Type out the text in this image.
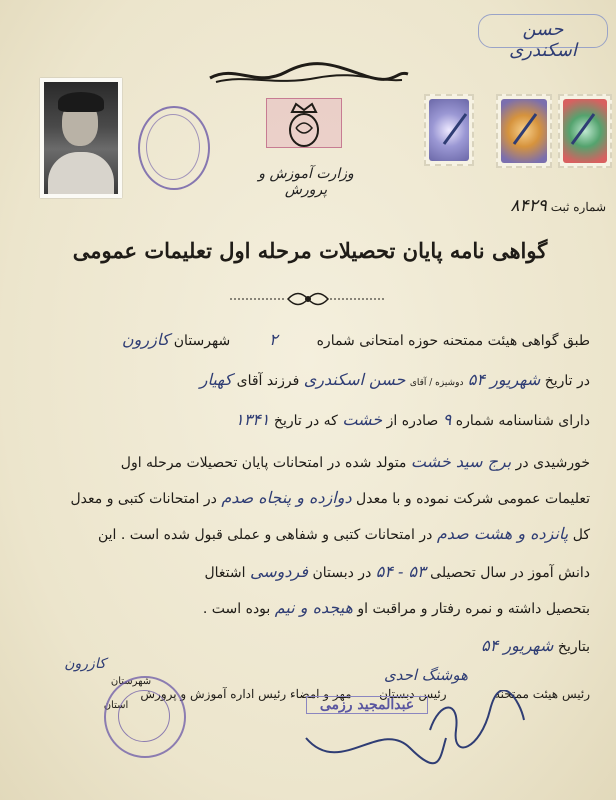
حسن اسکندری
وزارت آموزش و پرورش
شماره ثبت ۸۴۲۹
گواهی نامه پایان تحصیلات مرحله اول تعلیمات عمومی
طبق گواهی هیئت ممتحنه حوزه امتحانی شماره  ۲  شهرستان کازرون
در تاریخ شهریور ۵۴ دوشیزه / آقای حسن اسکندری فرزند آقای کهیار
دارای شناسنامه شماره ۹ صادره از خشت که در تاریخ ۱۳۴۱
خورشیدی در برج سید خشت متولد شده در امتحانات پایان تحصیلات مرحله اول
تعلیمات عمومی شرکت نموده و با معدل دوازده و پنجاه صدم در امتحانات کتبی و معدل
کل پانزده و هشت صدم در امتحانات کتبی و شفاهی و عملی قبول شده است . این
دانش آموز در سال تحصیلی ۵۳ - ۵۴ در دبستان فردوسی اشتغال
بتحصیل داشته و نمره رفتار و مراقبت او هیجده و نیم بوده است .
بتاریخ شهریور ۵۴
هوشنگ احدی
کازرون
رئیس هیئت ممتحنه  رئیس دبستان  مهر و امضاء رئیس اداره آموزش و پرورش
شهرستان
استان	عبدالمجید رزمی
